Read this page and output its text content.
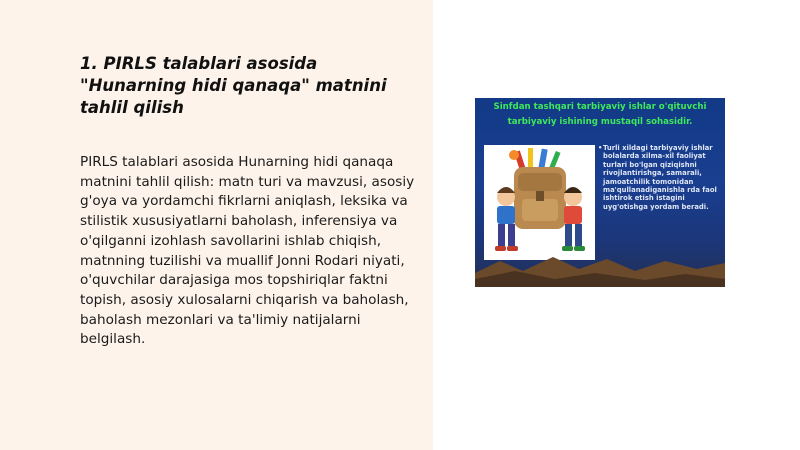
1. PIRLS talablari asosida "Hunarning hidi qanaqa" matnini tahlil qilish
PIRLS talablari asosida Hunarning hidi qanaqa matnini tahlil qilish: matn turi va mavzusi, asosiy g'oya va yordamchi fikrlarni aniqlash, leksika va stilistik xususiyatlarni baholash, inferensiya va o'qilganni izohlash savollarini ishlab chiqish, matnning tuzilishi va muallif Jonni Rodari niyati, o'quvchilar darajasiga mos topshiriqlar faktni topish, asosiy xulosalarni chiqarish va baholash, baholash mezonlari va ta'limiy natijalarni belgilash.
Sinfdan tashqari tarbiyaviy ishlar o'qituvchi tarbiyaviy ishining mustaqil sohasidir.
• Turli xildagi tarbiyaviy ishlar bolalarda xilma-xil faoliyat turlari bo'lgan qiziqishni rivojlantirishga, samarali, jamoatchilik tomonidan ma'qullanadiganishla rda faol ishtirok etish istagini uyg'otishga yordam beradi.
